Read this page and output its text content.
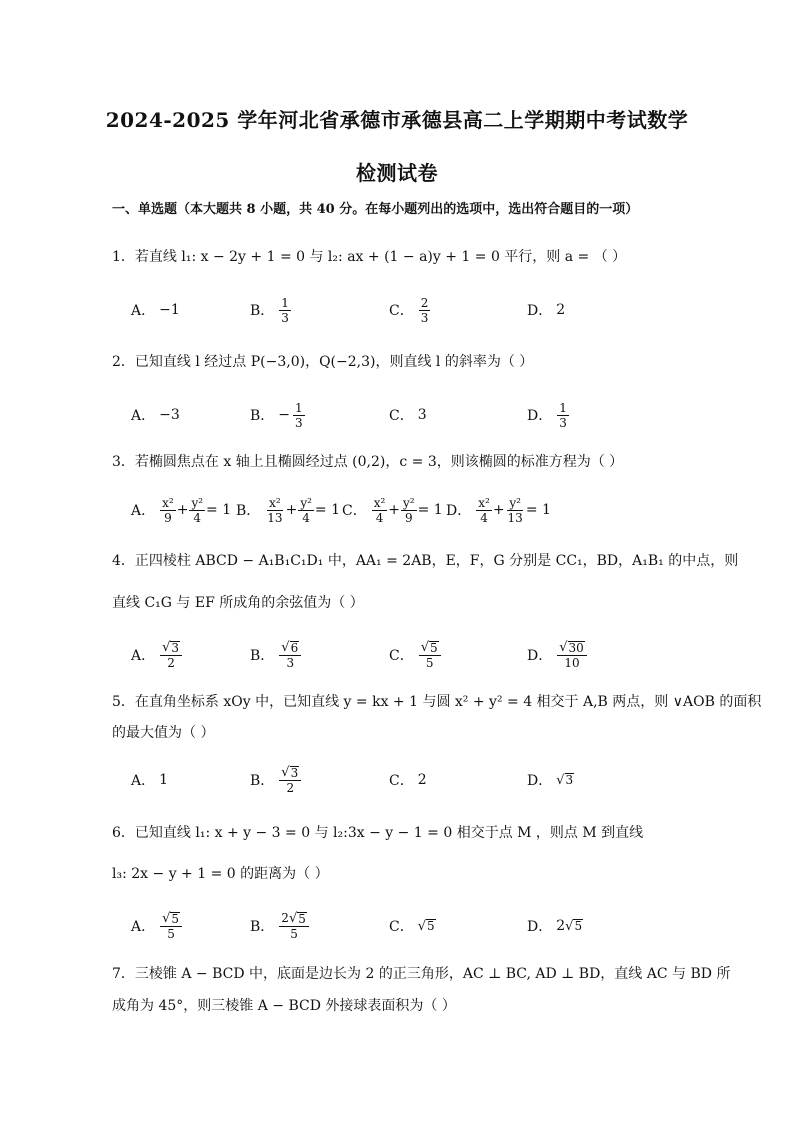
2024-2025 学年河北省承德市承德县高二上学期期中考试数学
检测试卷
一、单选题（本大题共 8 小题，共 40 分。在每小题列出的选项中，选出符合题目的一项）
1．若直线 l₁: x − 2y + 1 = 0 与 l₂: ax + (1 − a)y + 1 = 0 平行，则 a = （ ）
A． −1	B． $\frac{1}{3}$	C． $\frac{2}{3}$	D． 2
2．已知直线 l 经过点 P(−3,0)，Q(−2,3)，则直线 l 的斜率为（ ）
A． −3	B． − $\frac{1}{3}$	C． 3	D． $\frac{1}{3}$
3．若椭圆焦点在 x 轴上且椭圆经过点 (0,2)，c = 3，则该椭圆的标准方程为（ ）
A． $\frac{\text{x²}}{9} + \frac{\text{y²}}{4} = 1$ B． $\frac{\text{x²}}{13} + \frac{\text{y²}}{4} = 1$ C． $\frac{\text{x²}}{4} + \frac{\text{y²}}{9} = 1$ D． $\frac{\text{x²}}{4} + \frac{\text{y²}}{13} = 1$
4．正四棱柱 ABCD − A₁B₁C₁D₁ 中，AA₁ = 2AB，E，F，G 分别是 CC₁，BD，A₁B₁ 的中点，则
直线 C₁G 与 EF 所成角的余弦值为（ ）
A． $\frac{√ 3}{2}$	B． $\frac{√ 6}{3}$	C． $\frac{√ 5}{5}$	D． $\frac{√ 30}{10}$
5．在直角坐标系 xOy 中，已知直线 y = kx + 1 与圆 x² + y² = 4 相交于 A,B 两点，则 ∨AOB 的面积
的最大值为（ ）
A． 1	B． $\frac{√ 3}{2}$	C． 2	D． √ 3
6．已知直线 l₁: x + y − 3 = 0 与 l₂:3x − y − 1 = 0 相交于点 M ，则点 M 到直线
l₃: 2x − y + 1 = 0 的距离为（ ）
A． $\frac{√ 5}{5}$	B． $\frac{2 √ 5}{5}$	C． √ 5	D． 2 √ 5
7．三棱锥 A − BCD 中，底面是边长为 2 的正三角形，AC ⊥ BC, AD ⊥ BD，直线 AC 与 BD 所
成角为 45°，则三棱锥 A − BCD 外接球表面积为（ ）
